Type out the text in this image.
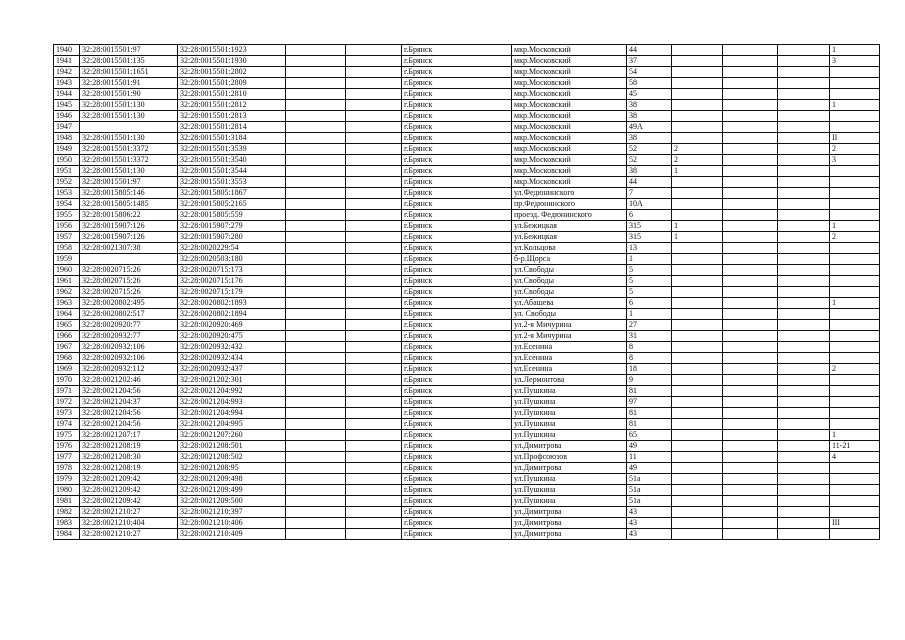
1940	32:28:0015501:97	32:28:0015501:1923			г.Брянск	мкр.Московский	44				1
1941	32:28:0015501:135	32:28:0015501:1930			г.Брянск	мкр.Московский	37				3
1942	32:28:0015501:1651	32:28:0015501:2802			г.Брянск	мкр.Московский	54				
1943	32:28:0015501:91	32:28:0015501:2809			г.Брянск	мкр.Московский	58				
1944	32:28:0015501:90	32:28:0015501:2810			г.Брянск	мкр.Московский	45				
1945	32:28:0015501:130	32:28:0015501:2812			г.Брянск	мкр.Московский	38				1
1946	32:28:0015501:130	32:28:0015501:2813			г.Брянск	мкр.Московский	38				
1947		32:28:0015501:2814			г.Брянск	мкр.Московский	49А				
1948	32:28:0015501:130	32:28:0015501:3184			г.Брянск	мкр.Московский	38				II
1949	32:28:0015501:3372	32:28:0015501:3539			г.Брянск	мкр.Московский	52	2			2
1950	32:28:0015501:3372	32:28:0015501:3540			г.Брянск	мкр.Московский	52	2			3
1951	32:28:0015501:130	32:28:0015501:3544			г.Брянск	мкр.Московский	38	1			
1952	32:28:0015501:97	32:28:0015501:3553			г.Брянск	мкр.Московский	44				
1953	32:28:0015805:146	32:28:0015805:1867			г.Брянск	ул.Федюнинского	7				
1954	32:28:0015805:1485	32:28:0015805:2165			г.Брянск	пр.Федюнинского	10А				
1955	32:28:0015806:22	32:28:0015805:559			г.Брянск	проезд. Федюнинского	6				
1956	32:28:0015907:126	32:28:0015907:279			г.Брянск	ул.Бежицкая	315	1			1
1957	32:28:0015907:126	32:28:0015907:280			г.Брянск	ул.Бежицкая	315	1			2
1958	32:28:0021307:38	32:28:0020229:54			г.Брянск	ул.Кольцова	13				
1959		32:28:0020503:180			г.Брянск	б-р.Щорса	1				
1960	32:28:0020715:26	32:28:0020715:173			г.Брянск	ул.Свободы	5				
1961	32:28:0020715:26	32:28:0020715:176			г.Брянск	ул.Свободы	5				
1962	32:28:0020715:26	32:28:0020715:179			г.Брянск	ул.Свободы	5				
1963	32:28:0020802:495	32:28:0020802:1893			г.Брянск	ул.Абашева	6				1
1964	32:28:0020802:517	32:28:0020802:1894			г.Брянск	ул. Свободы	1				
1965	32:28:0020920:77	32:28:0020920:469			г.Брянск	ул.2-я Мичурина	27				
1966	32:28:0020932:77	32:28:0020920:475			г.Брянск	ул.2-я Мичурина	31				
1967	32:28:0020932:106	32:28:0020932:432			г.Брянск	ул.Есенина	8				
1968	32:28:0020932:106	32:28:0020932:434			г.Брянск	ул.Есенина	8				
1969	32:28:0020932:112	32:28:0020932:437			г.Брянск	ул.Есенина	18				2
1970	32:28:0021202:46	32:28:0021202:301			г.Брянск	ул.Лермонтова	9				
1971	32:28:0021204:56	32:28:0021204:992			г.Брянск	ул.Пушкина	81				
1972	32:28:0021204:37	32:28:0021204:993			г.Брянск	ул.Пушкина	97				
1973	32:28:0021204:56	32:28:0021204:994			г.Брянск	ул.Пушкина	81				
1974	32:28:0021204:56	32:28:0021204:995			г.Брянск	ул.Пушкина	81				
1975	32:28:0021207:17	32:28:0021207:260			г.Брянск	ул.Пушкина	65				1
1976	32:28:0021208:19	32:28:0021208:501			г.Брянск	ул.Димитрова	49				11-21
1977	32:28:0021208:30	32:28:0021208:502			г.Брянск	ул.Профсоюзов	11				4
1978	32:28:0021208:19	32:28:0021208:95			г.Брянск	ул.Димитрова	49				
1979	32:28:0021209:42	32:28:0021209:498			г.Брянск	ул.Пушкина	51а				
1980	32:28:0021209:42	32:28:0021209:499			г.Брянск	ул.Пушкина	51а				
1981	32:28:0021209:42	32:28:0021209:500			г.Брянск	ул.Пушкина	51а				
1982	32:28:0021210:27	32:28:0021210:397			г.Брянск	ул.Димитрова	43				
1983	32:28:0021210:404	32:28:0021210:406			г.Брянск	ул.Димитрова	43				III
1984	32:28:0021210:27	32:28:0021210:409			г.Брянск	ул.Димитрова	43				
